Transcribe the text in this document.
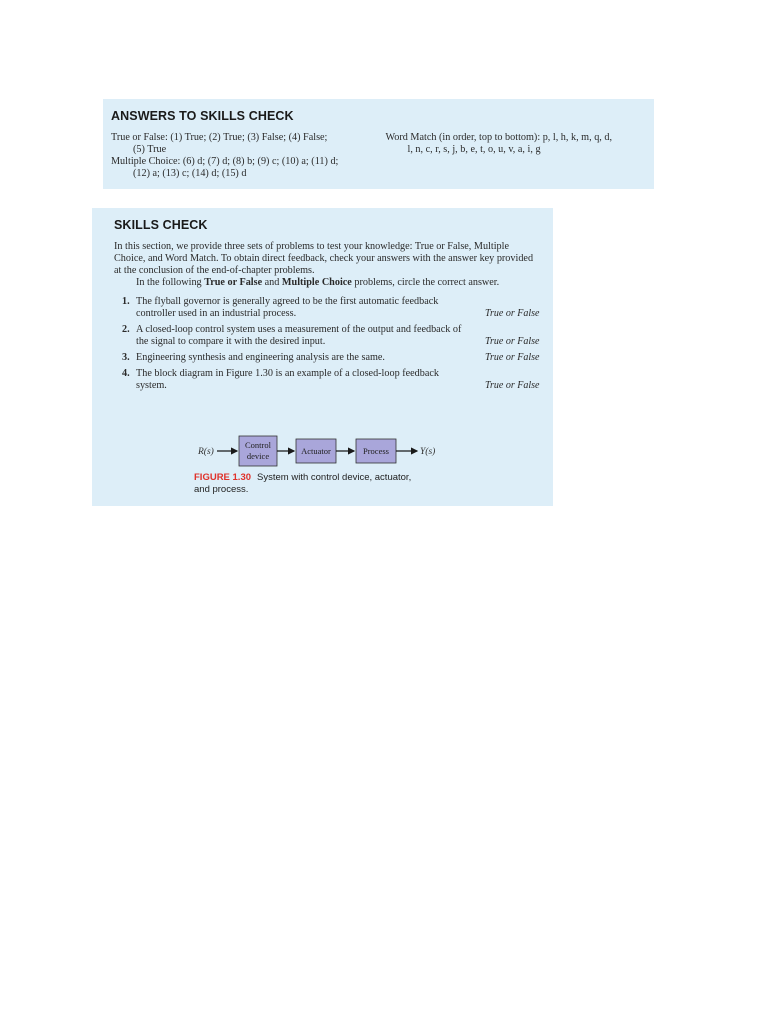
ANSWERS TO SKILLS CHECK

True or False: (1) True; (2) True; (3) False; (4) False;
(5) True

Multiple Choice: (6) d; (7) d; (8) b; (9) c; (10) a; (11) d;
(12) a; (13) c; (14) d; (15) d

Word Match (in order, top to bottom): p, l, h, k, m, q, d,
l, n, c, r, s, j, b, e, t, o, u, v, a, i, g

SKILLS CHECK

In this section, we provide three sets of problems to test your knowledge: True or False, Multiple Choice, and Word Match. To obtain direct feedback, check your answers with the answer key provided at the conclusion of the end-of-chapter problems.

In the following True or False and Multiple Choice problems, circle the correct answer.

1. The flyball governor is generally agreed to be the first automatic feedback controller used in an industrial process.	True or False
2. A closed-loop control system uses a measurement of the output and feedback of the signal to compare it with the desired input.	True or False
3. Engineering synthesis and engineering analysis are the same.	True or False
4. The block diagram in Figure 1.30 is an example of a closed-loop feedback system.	True or False
R(s)
Control
device	Actuator	Process	Y(s)
FIGURE 1.30 System with control device, actuator, and process.
